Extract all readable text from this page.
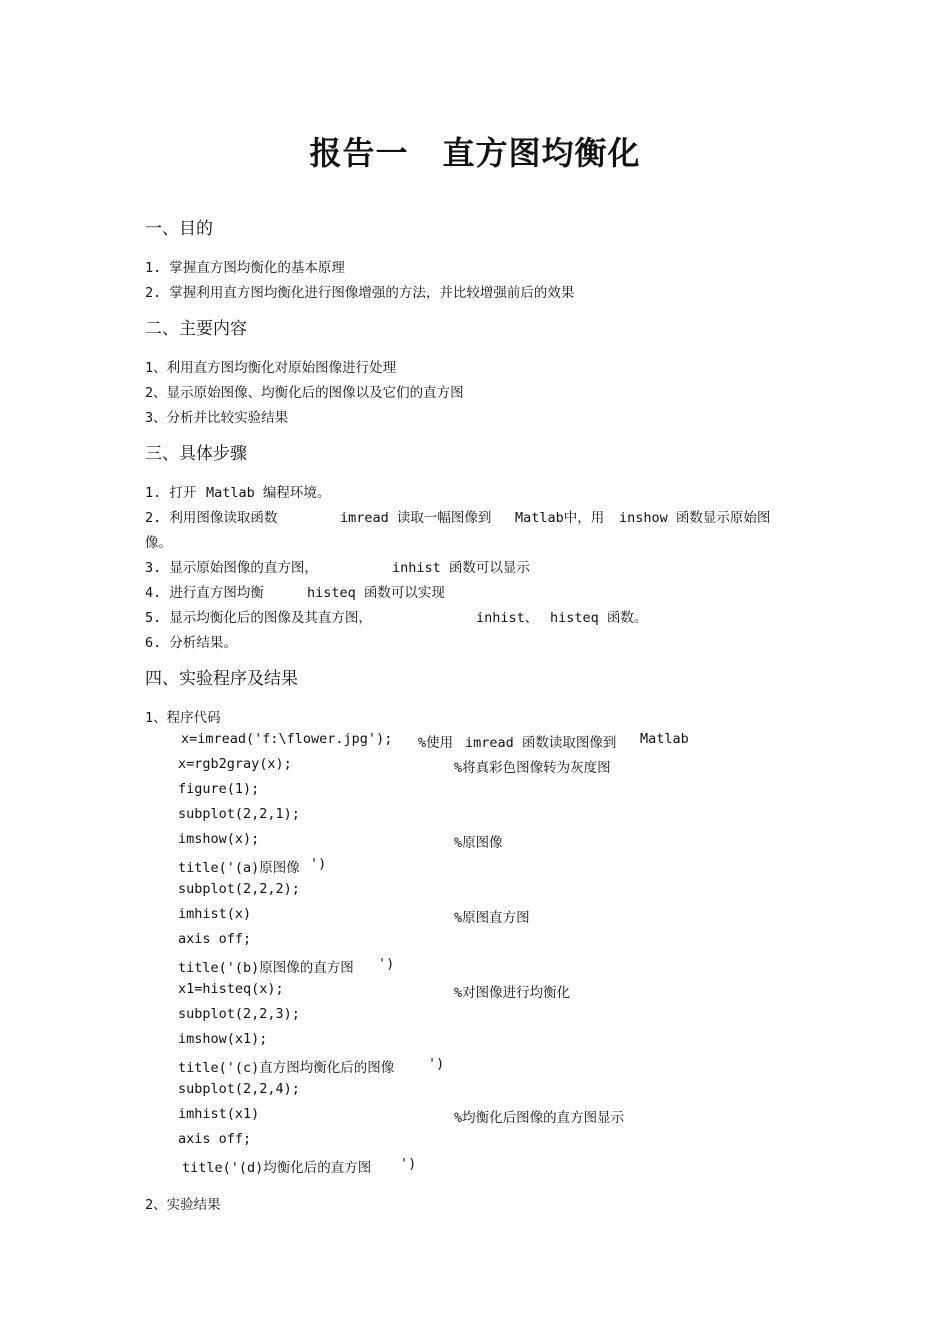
报告一 直方图均衡化
一、目的
1. 掌握直方图均衡化的基本原理
2. 掌握利用直方图均衡化进行图像增强的方法，并比较增强前后的效果
二、主要内容
1、利用直方图均衡化对原始图像进行处理
2、显示原始图像、均衡化后的图像以及它们的直方图
3、分析并比较实验结果
三、具体步骤
1. 打开 Matlab 编程环境。
2. 利用图像读取函数	imread 读取一幅图像到 Matlab中，用 inshow 函数显示原始图
像。
3. 显示原始图像的直方图，	inhist 函数可以显示
4. 进行直方图均衡	histeq 函数可以实现
5. 显示均衡化后的图像及其直方图，	inhist、 histeq 函数。
6. 分析结果。
四、实验程序及结果
1、程序代码
x=imread('f:\flower.jpg'); %使用 imread 函数读取图像到 Matlab
x=rgb2gray(x);	%将真彩色图像转为灰度图
figure(1);
subplot(2,2,1);
imshow(x);	%原图像
title('(a)原图像 ')
subplot(2,2,2);
imhist(x)	%原图直方图
axis off;
title('(b)原图像的直方图 ')
x1=histeq(x);	%对图像进行均衡化
subplot(2,2,3);
imshow(x1);
title('(c)直方图均衡化后的图像 ')
subplot(2,2,4);
imhist(x1)	%均衡化后图像的直方图显示
axis off;
title('(d)均衡化后的直方图 ')
2、实验结果
